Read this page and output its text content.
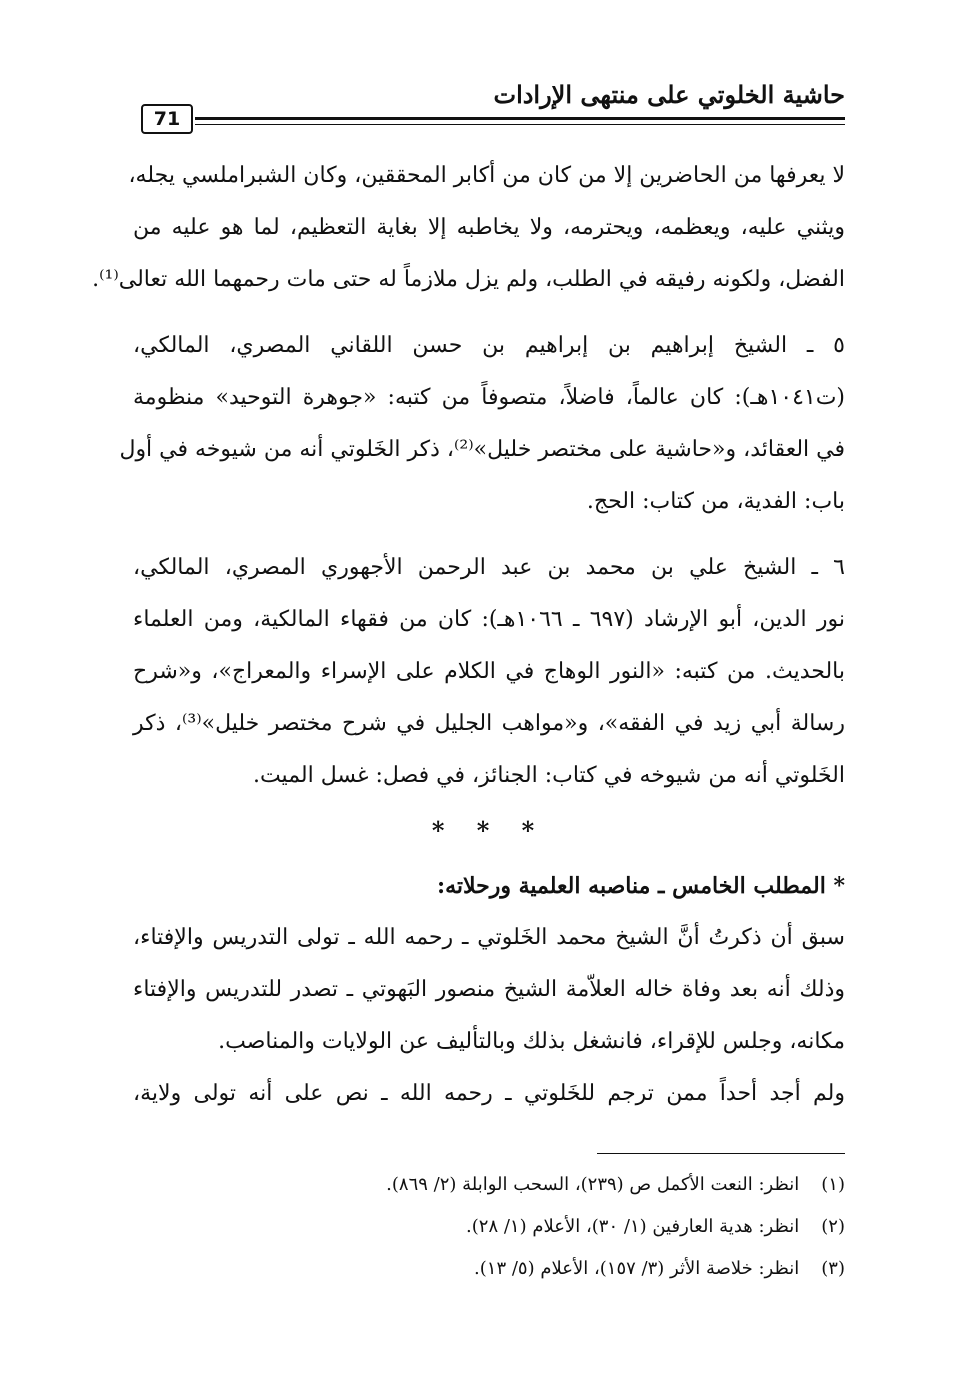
حاشية الخلوتي على منتهى الإرادات
71
لا يعرفها من الحاضرين إلا من كان من أكابر المحققين، وكان الشبراملسي يجله،
ويثني عليه، ويعظمه، ويحترمه، ولا يخاطبه إلا بغاية التعظيم، لما هو عليه من
الفضل، ولكونه رفيقه في الطلب، ولم يزل ملازماً له حتى مات رحمهما الله تعالى⁽¹⁾.
٥ ـ الشيخ إبراهيم بن إبراهيم بن حسن اللقاني المصري، المالكي،
(ت١٠٤١هـ): كان عالماً، فاضلاً، متصوفاً من كتبه: «جوهرة التوحيد» منظومة
في العقائد، و«حاشية على مختصر خليل»⁽²⁾، ذكر الخَلوتي أنه من شيوخه في أول
باب: الفدية، من كتاب: الحج.
٦ ـ الشيخ علي بن محمد بن عبد الرحمن الأجهوري المصري، المالكي،
نور الدين، أبو الإرشاد (٦٩٧ ـ ١٠٦٦هـ): كان من فقهاء المالكية، ومن العلماء
بالحديث. من كتبه: «النور الوهاج في الكلام على الإسراء والمعراج»، و«شرح
رسالة أبي زيد في الفقه»، و«مواهب الجليل في شرح مختصر خليل»⁽³⁾، ذكر
الخَلوتي أنه من شيوخه في كتاب: الجنائز، في فصل: غسل الميت.
* * *
* المطلب الخامس ـ مناصبه العلمية ورحلاته:
سبق أن ذكرتُ أنَّ الشيخ محمد الخَلوتي ـ رحمه الله ـ تولى التدريس والإفتاء،
وذلك أنه بعد وفاة خاله العلاّمة الشيخ منصور البَهوتي ـ تصدر للتدريس والإفتاء
مكانه، وجلس للإقراء، فانشغل بذلك وبالتأليف عن الولايات والمناصب.
ولم أجد أحداً ممن ترجم للخَلوتي ـ رحمه الله ـ نص على أنه تولى ولاية،
(١) انظر: النعت الأكمل ص (٢٣٩)، السحب الوابلة (٢/ ٨٦٩).
(٢) انظر: هدية العارفين (١/ ٣٠)، الأعلام (١/ ٢٨).
(٣) انظر: خلاصة الأثر (٣/ ١٥٧)، الأعلام (٥/ ١٣).
